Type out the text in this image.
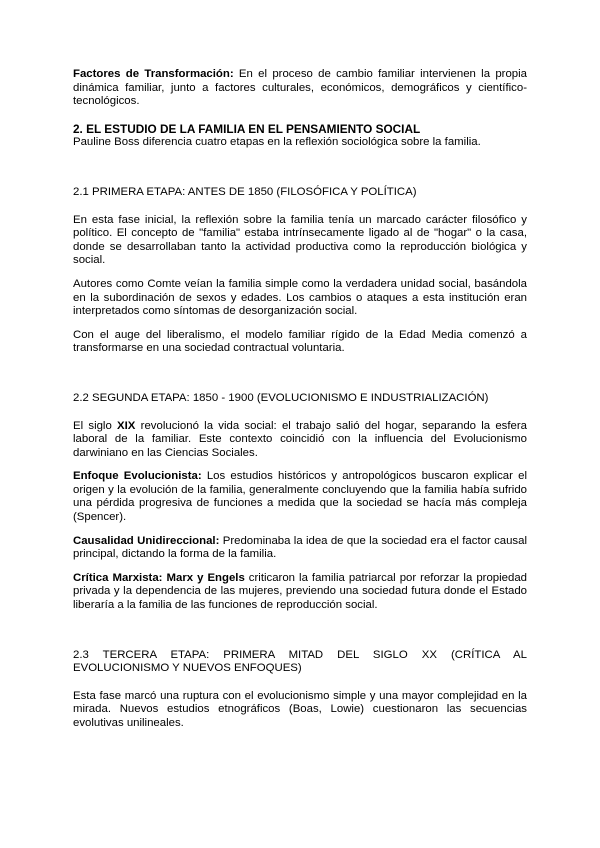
Factores de Transformación: En el proceso de cambio familiar intervienen la propia dinámica familiar, junto a factores culturales, económicos, demográficos y científico-tecnológicos.

2. EL ESTUDIO DE LA FAMILIA EN EL PENSAMIENTO SOCIAL

Pauline Boss diferencia cuatro etapas en la reflexión sociológica sobre la familia.

2.1 PRIMERA ETAPA: ANTES DE 1850 (FILOSÓFICA Y POLÍTICA)

En esta fase inicial, la reflexión sobre la familia tenía un marcado carácter filosófico y político. El concepto de "familia" estaba intrínsecamente ligado al de "hogar" o la casa, donde se desarrollaban tanto la actividad productiva como la reproducción biológica y social.

Autores como Comte veían la familia simple como la verdadera unidad social, basándola en la subordinación de sexos y edades. Los cambios o ataques a esta institución eran interpretados como síntomas de desorganización social.

Con el auge del liberalismo, el modelo familiar rígido de la Edad Media comenzó a transformarse en una sociedad contractual voluntaria.

2.2 SEGUNDA ETAPA: 1850 - 1900 (EVOLUCIONISMO E INDUSTRIALIZACIÓN)

El siglo XIX revolucionó la vida social: el trabajo salió del hogar, separando la esfera laboral de la familiar. Este contexto coincidió con la influencia del Evolucionismo darwiniano en las Ciencias Sociales.

Enfoque Evolucionista: Los estudios históricos y antropológicos buscaron explicar el origen y la evolución de la familia, generalmente concluyendo que la familia había sufrido una pérdida progresiva de funciones a medida que la sociedad se hacía más compleja (Spencer).

Causalidad Unidireccional: Predominaba la idea de que la sociedad era el factor causal principal, dictando la forma de la familia.

Crítica Marxista: Marx y Engels criticaron la familia patriarcal por reforzar la propiedad privada y la dependencia de las mujeres, previendo una sociedad futura donde el Estado liberaría a la familia de las funciones de reproducción social.

2.3 TERCERA ETAPA: PRIMERA MITAD DEL SIGLO XX (CRÍTICA AL EVOLUCIONISMO Y NUEVOS ENFOQUES)

Esta fase marcó una ruptura con el evolucionismo simple y una mayor complejidad en la mirada. Nuevos estudios etnográficos (Boas, Lowie) cuestionaron las secuencias evolutivas unilineales.
